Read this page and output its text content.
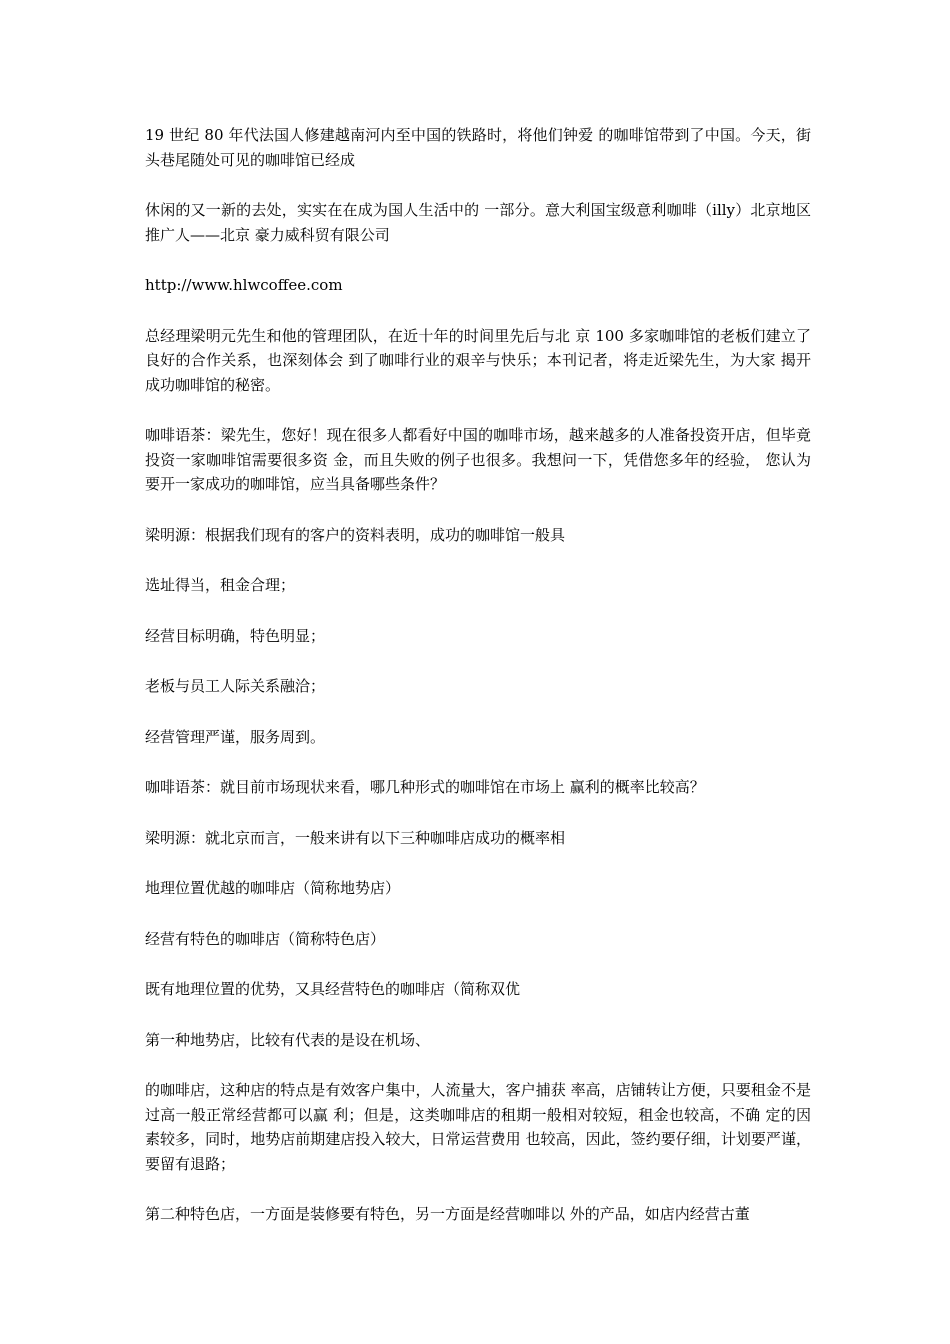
19 世纪 80 年代法国人修建越南河内至中国的铁路时，将他们钟爱 的咖啡馆带到了中国。今天，街头巷尾随处可见的咖啡馆已经成

休闲的又一新的去处，实实在在成为国人生活中的 一部分。意大利国宝级意利咖啡（illy）北京地区推广人——北京 豪力威科贸有限公司

http://www.hlwcoffee.com

总经理梁明元先生和他的管理团队，在近十年的时间里先后与北 京 100 多家咖啡馆的老板们建立了良好的合作关系，也深刻体会 到了咖啡行业的艰辛与快乐；本刊记者，将走近梁先生，为大家 揭开成功咖啡馆的秘密。

咖啡语茶：梁先生，您好！现在很多人都看好中国的咖啡市场，越来越多的人准备投资开店，但毕竟投资一家咖啡馆需要很多资 金，而且失败的例子也很多。我想问一下，凭借您多年的经验， 您认为要开一家成功的咖啡馆，应当具备哪些条件？

梁明源：根据我们现有的客户的资料表明，成功的咖啡馆一般具

选址得当，租金合理；

经营目标明确，特色明显；

老板与员工人际关系融洽；

经营管理严谨，服务周到。

咖啡语茶：就目前市场现状来看，哪几种形式的咖啡馆在市场上 赢利的概率比较高？

梁明源：就北京而言，一般来讲有以下三种咖啡店成功的概率相

地理位置优越的咖啡店（简称地势店）

经营有特色的咖啡店（简称特色店）

既有地理位置的优势，又具经营特色的咖啡店（简称双优

第一种地势店，比较有代表的是设在机场、

的咖啡店，这种店的特点是有效客户集中，人流量大，客户捕获 率高，店铺转让方便，只要租金不是过高一般正常经营都可以赢 利；但是，这类咖啡店的租期一般相对较短，租金也较高，不确 定的因素较多，同时，地势店前期建店投入较大，日常运营费用 也较高，因此，签约要仔细，计划要严谨，要留有退路；

第二种特色店，一方面是装修要有特色，另一方面是经营咖啡以 外的产品，如店内经营古董
